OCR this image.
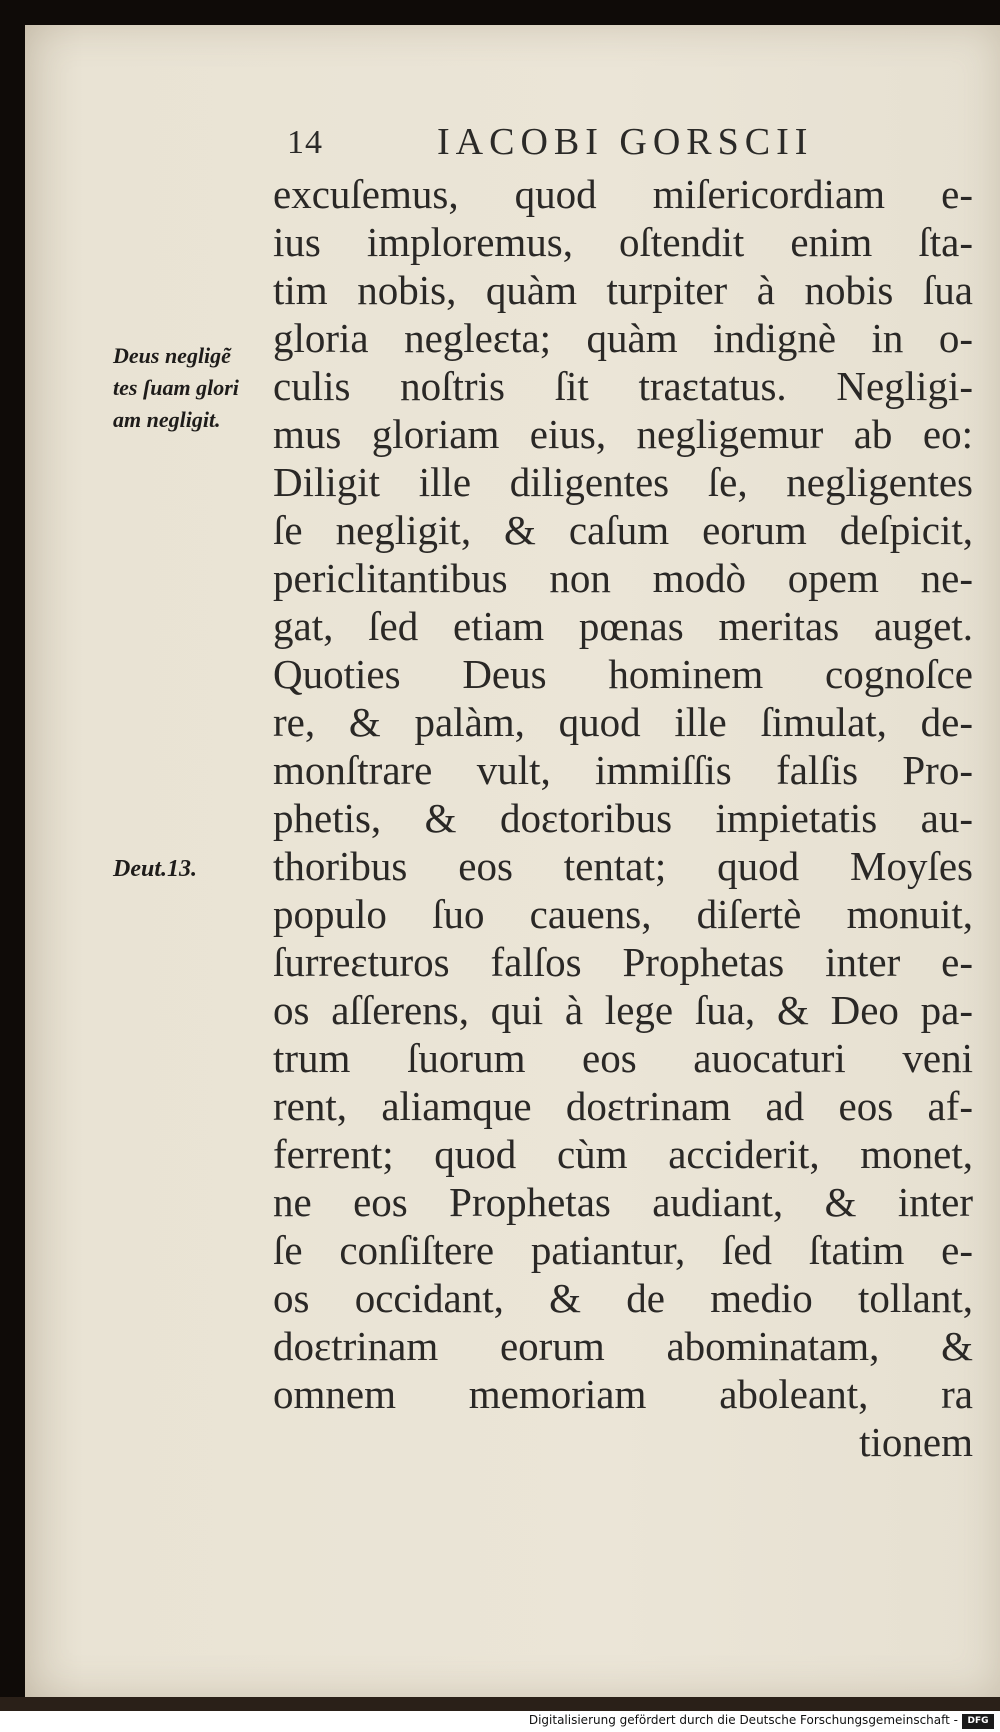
14	IACOBI GORSCII
Deus negligẽ
tes ſuam glori
am negligit.
Deut.13.
excuſemus, quod miſericordiam e-
ius imploremus, oſtendit enim ſta-
tim nobis, quàm turpiter à nobis ſua
gloria negleɛta; quàm indignè in o-
culis noſtris ſit traɛtatus. Negligi-
mus gloriam eius, negligemur ab eo:
Diligit ille diligentes ſe, negligentes
ſe negligit, & caſum eorum deſpicit,
periclitantibus non modò opem ne-
gat, ſed etiam pœnas meritas auget.
Quoties Deus hominem cognoſce
re, & palàm, quod ille ſimulat, de-
monſtrare vult, immiſſis falſis Pro-
phetis, & doɛtoribus impietatis au-
thoribus eos tentat; quod Moyſes
populo ſuo cauens, diſertè monuit,
ſurreɛturos falſos Prophetas inter e-
os aſſerens, qui à lege ſua, & Deo pa-
trum ſuorum eos auocaturi veni
rent, aliamque doɛtrinam ad eos af-
ferrent; quod cùm acciderit, monet,
ne eos Prophetas audiant, & inter
ſe conſiſtere patiantur, ſed ſtatim e-
os occidant, & de medio tollant,
doɛtrinam eorum abominatam, &
omnem memoriam aboleant, ra
tionem
Digitalisierung gefördert durch die Deutsche Forschungsgemeinschaft -	DFG
